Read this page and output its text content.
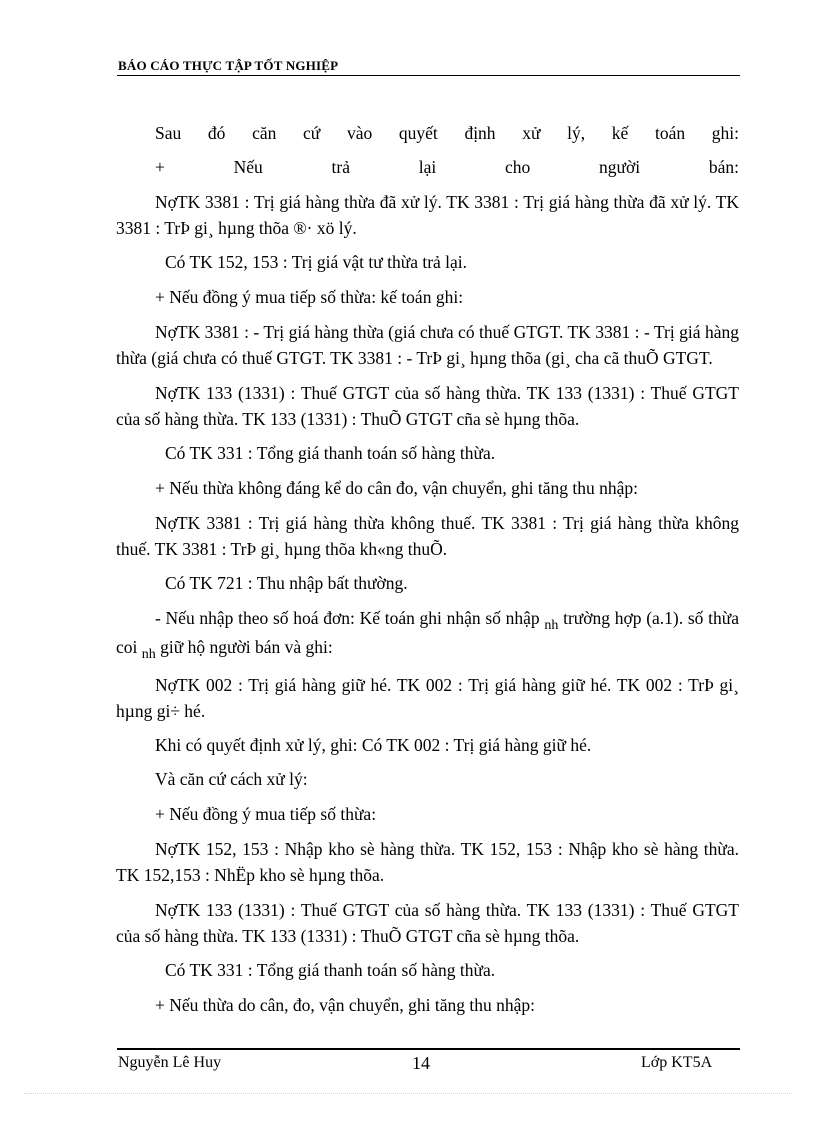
BÁO CÁO THỰC TẬP TỐT NGHIỆP

Sau đó căn cứ vào quyết định xử lý, kế toán ghi:

+ Nếu trả lại cho người bán:

NợTK 3381 : Trị giá hàng thừa đã xử lý. TK 3381 : Trị giá hàng thừa đã xử lý. TK 3381 : TrÞ gi¸ hµng thõa ®· xö lý.

Có TK 152, 153 : Trị giá vật tư thừa trả lại.

+ Nếu đồng ý mua tiếp số thừa: kế toán ghi:

NợTK 3381 : - Trị giá hàng thừa (giá chưa có thuế GTGT. TK 3381 : - Trị giá hàng thừa (giá chưa có thuế GTGT. TK 3381 : - TrÞ gi¸ hµng thõa (gi¸ cha cã thuÕ GTGT.

NợTK 133 (1331) : Thuế GTGT của số hàng thừa. TK 133 (1331) : Thuế GTGT của số hàng thừa. TK 133 (1331) : ThuÕ GTGT cña sè hµng thõa.

Có TK 331 : Tổng giá thanh toán số hàng thừa.

+ Nếu thừa không đáng kể do cân đo, vận chuyển, ghi tăng thu nhập:

NợTK 3381 : Trị giá hàng thừa không thuế. TK 3381 : Trị giá hàng thừa không thuế. TK 3381 : TrÞ gi¸ hµng thõa kh«ng thuÕ.

Có TK 721 : Thu nhập bất thường.

- Nếu nhập theo số hoá đơn: Kế toán ghi nhận số nhập $_{nh}$ trường hợp (a.1). số thừa coi $_{nh}$ giữ hộ người bán và ghi:

NợTK 002 : Trị giá hàng giữ hé. TK 002 : Trị giá hàng giữ hé. TK 002 : TrÞ gi¸ hµng gi÷ hé.

Khi có quyết định xử lý, ghi: Có TK 002 : Trị giá hàng giữ hé.

Và căn cứ cách xử lý:

+ Nếu đồng ý mua tiếp số thừa:

NợTK 152, 153 : Nhập kho sè hàng thừa. TK 152, 153 : Nhập kho sè hàng thừa. TK 152,153 : NhËp kho sè hµng thõa.

NợTK 133 (1331) : Thuế GTGT của số hàng thừa. TK 133 (1331) : Thuế GTGT của số hàng thừa. TK 133 (1331) : ThuÕ GTGT cña sè hµng thõa.

Có TK 331 : Tổng giá thanh toán số hàng thừa.

+ Nếu thừa do cân, đo, vận chuyển, ghi tăng thu nhập:

Nguyễn Lê Huy	14	Lớp KT5A
